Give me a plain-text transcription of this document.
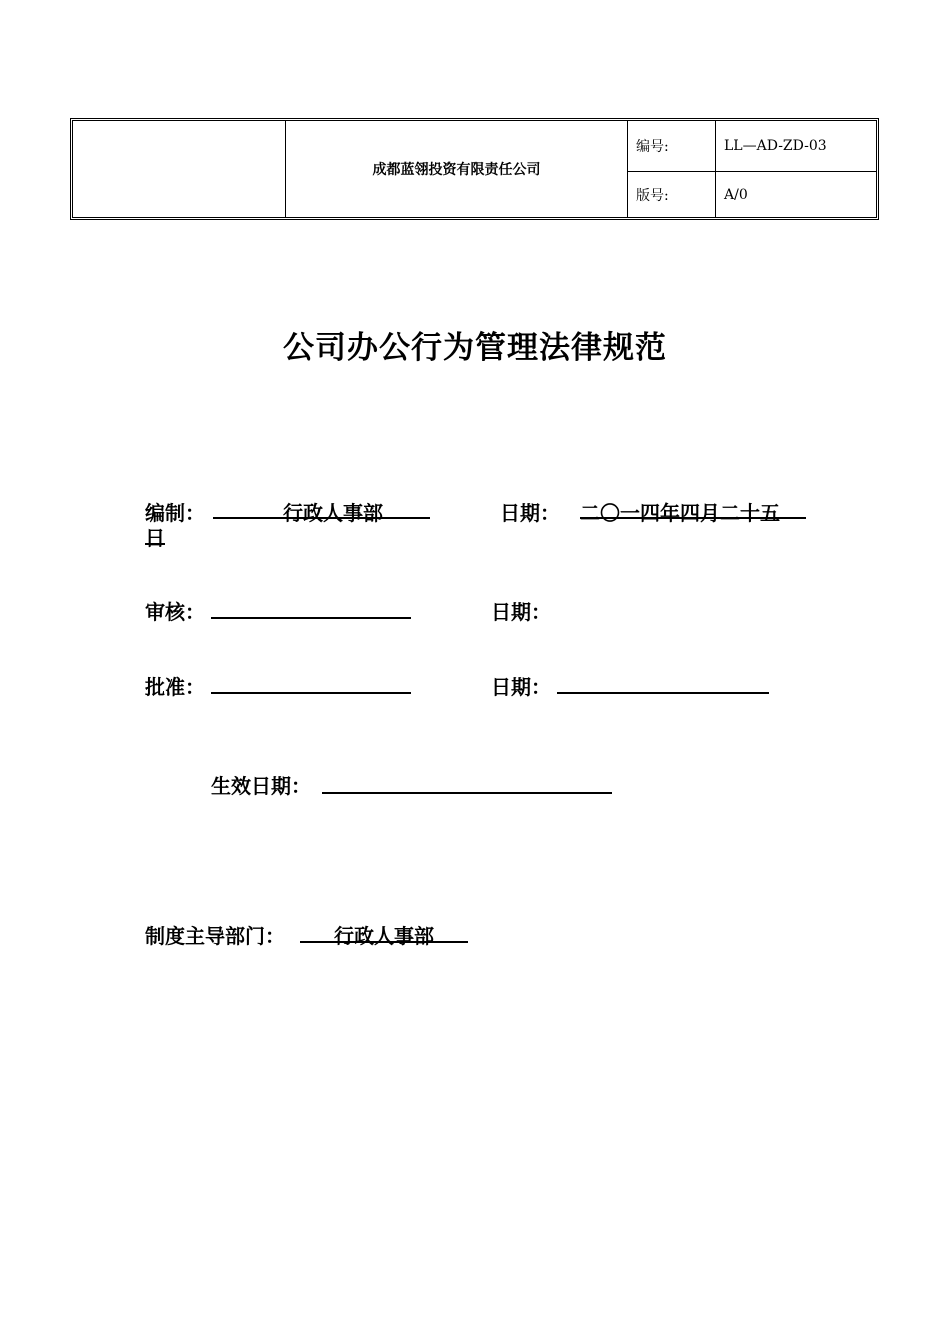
成都蓝翎投资有限责任公司
编号:	LL—AD-ZD-03
版号:	A/0
公司办公行为管理法律规范
编制：	行政人事部	日期： 二〇一四年四月二十五
日
审核：	日期：
批准：	日期：
生效日期：
制度主导部门： 行政人事部
